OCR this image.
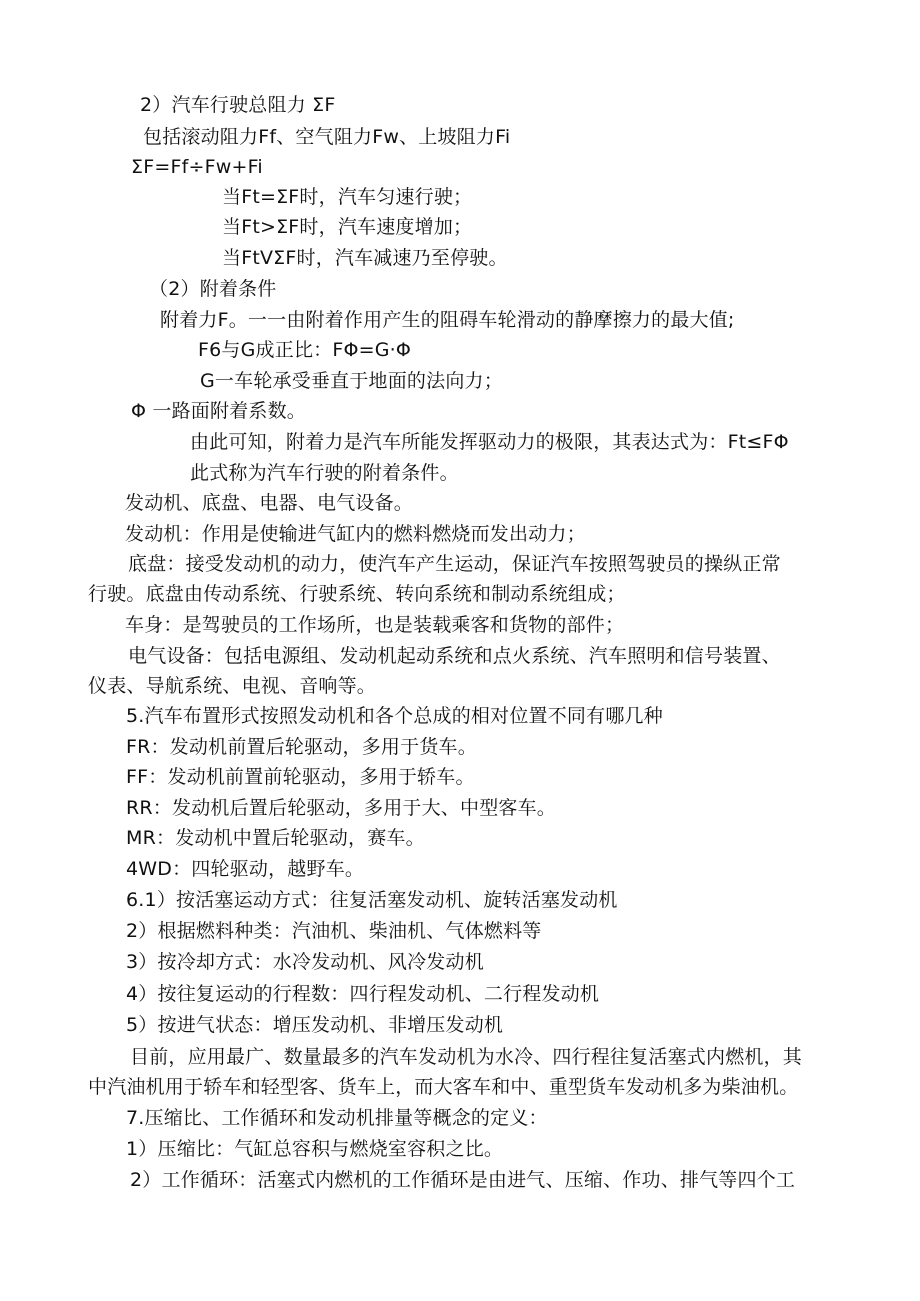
2）汽车行驶总阻力 ΣF
包括滚动阻力Ff、空气阻力Fw、上坡阻力Fi
ΣF=Ff÷Fw+Fi
当Ft=ΣF时，汽车匀速行驶；
当Ft>ΣF时，汽车速度增加；
当FtVΣF时，汽车减速乃至停驶。
（2）附着条件
附着力F。一一由附着作用产生的阻碍车轮滑动的静摩擦力的最大值;
F6与G成正比：FΦ=G·Φ
G一车轮承受垂直于地面的法向力；
Φ 一路面附着系数。
由此可知，附着力是汽车所能发挥驱动力的极限，其表达式为：Ft≤FΦ
此式称为汽车行驶的附着条件。
发动机、底盘、电器、电气设备。
发动机：作用是使输进气缸内的燃料燃烧而发出动力；
底盘：接受发动机的动力，使汽车产生运动，保证汽车按照驾驶员的操纵正常
行驶。底盘由传动系统、行驶系统、转向系统和制动系统组成；
车身：是驾驶员的工作场所，也是装载乘客和货物的部件；
电气设备：包括电源组、发动机起动系统和点火系统、汽车照明和信号装置、
仪表、导航系统、电视、音响等。
5.汽车布置形式按照发动机和各个总成的相对位置不同有哪几种
FR：发动机前置后轮驱动，多用于货车。
FF：发动机前置前轮驱动，多用于轿车。
RR：发动机后置后轮驱动，多用于大、中型客车。
MR：发动机中置后轮驱动，赛车。
4WD：四轮驱动，越野车。
6.1）按活塞运动方式：往复活塞发动机、旋转活塞发动机
2）根据燃料种类：汽油机、柴油机、气体燃料等
3）按冷却方式：水冷发动机、风冷发动机
4）按往复运动的行程数：四行程发动机、二行程发动机
5）按进气状态：增压发动机、非增压发动机
目前，应用最广、数量最多的汽车发动机为水冷、四行程往复活塞式内燃机，其
中汽油机用于轿车和轻型客、货车上，而大客车和中、重型货车发动机多为柴油机。
7.压缩比、工作循环和发动机排量等概念的定义：
1）压缩比：气缸总容积与燃烧室容积之比。
2）工作循环：活塞式内燃机的工作循环是由进气、压缩、作功、排气等四个工
